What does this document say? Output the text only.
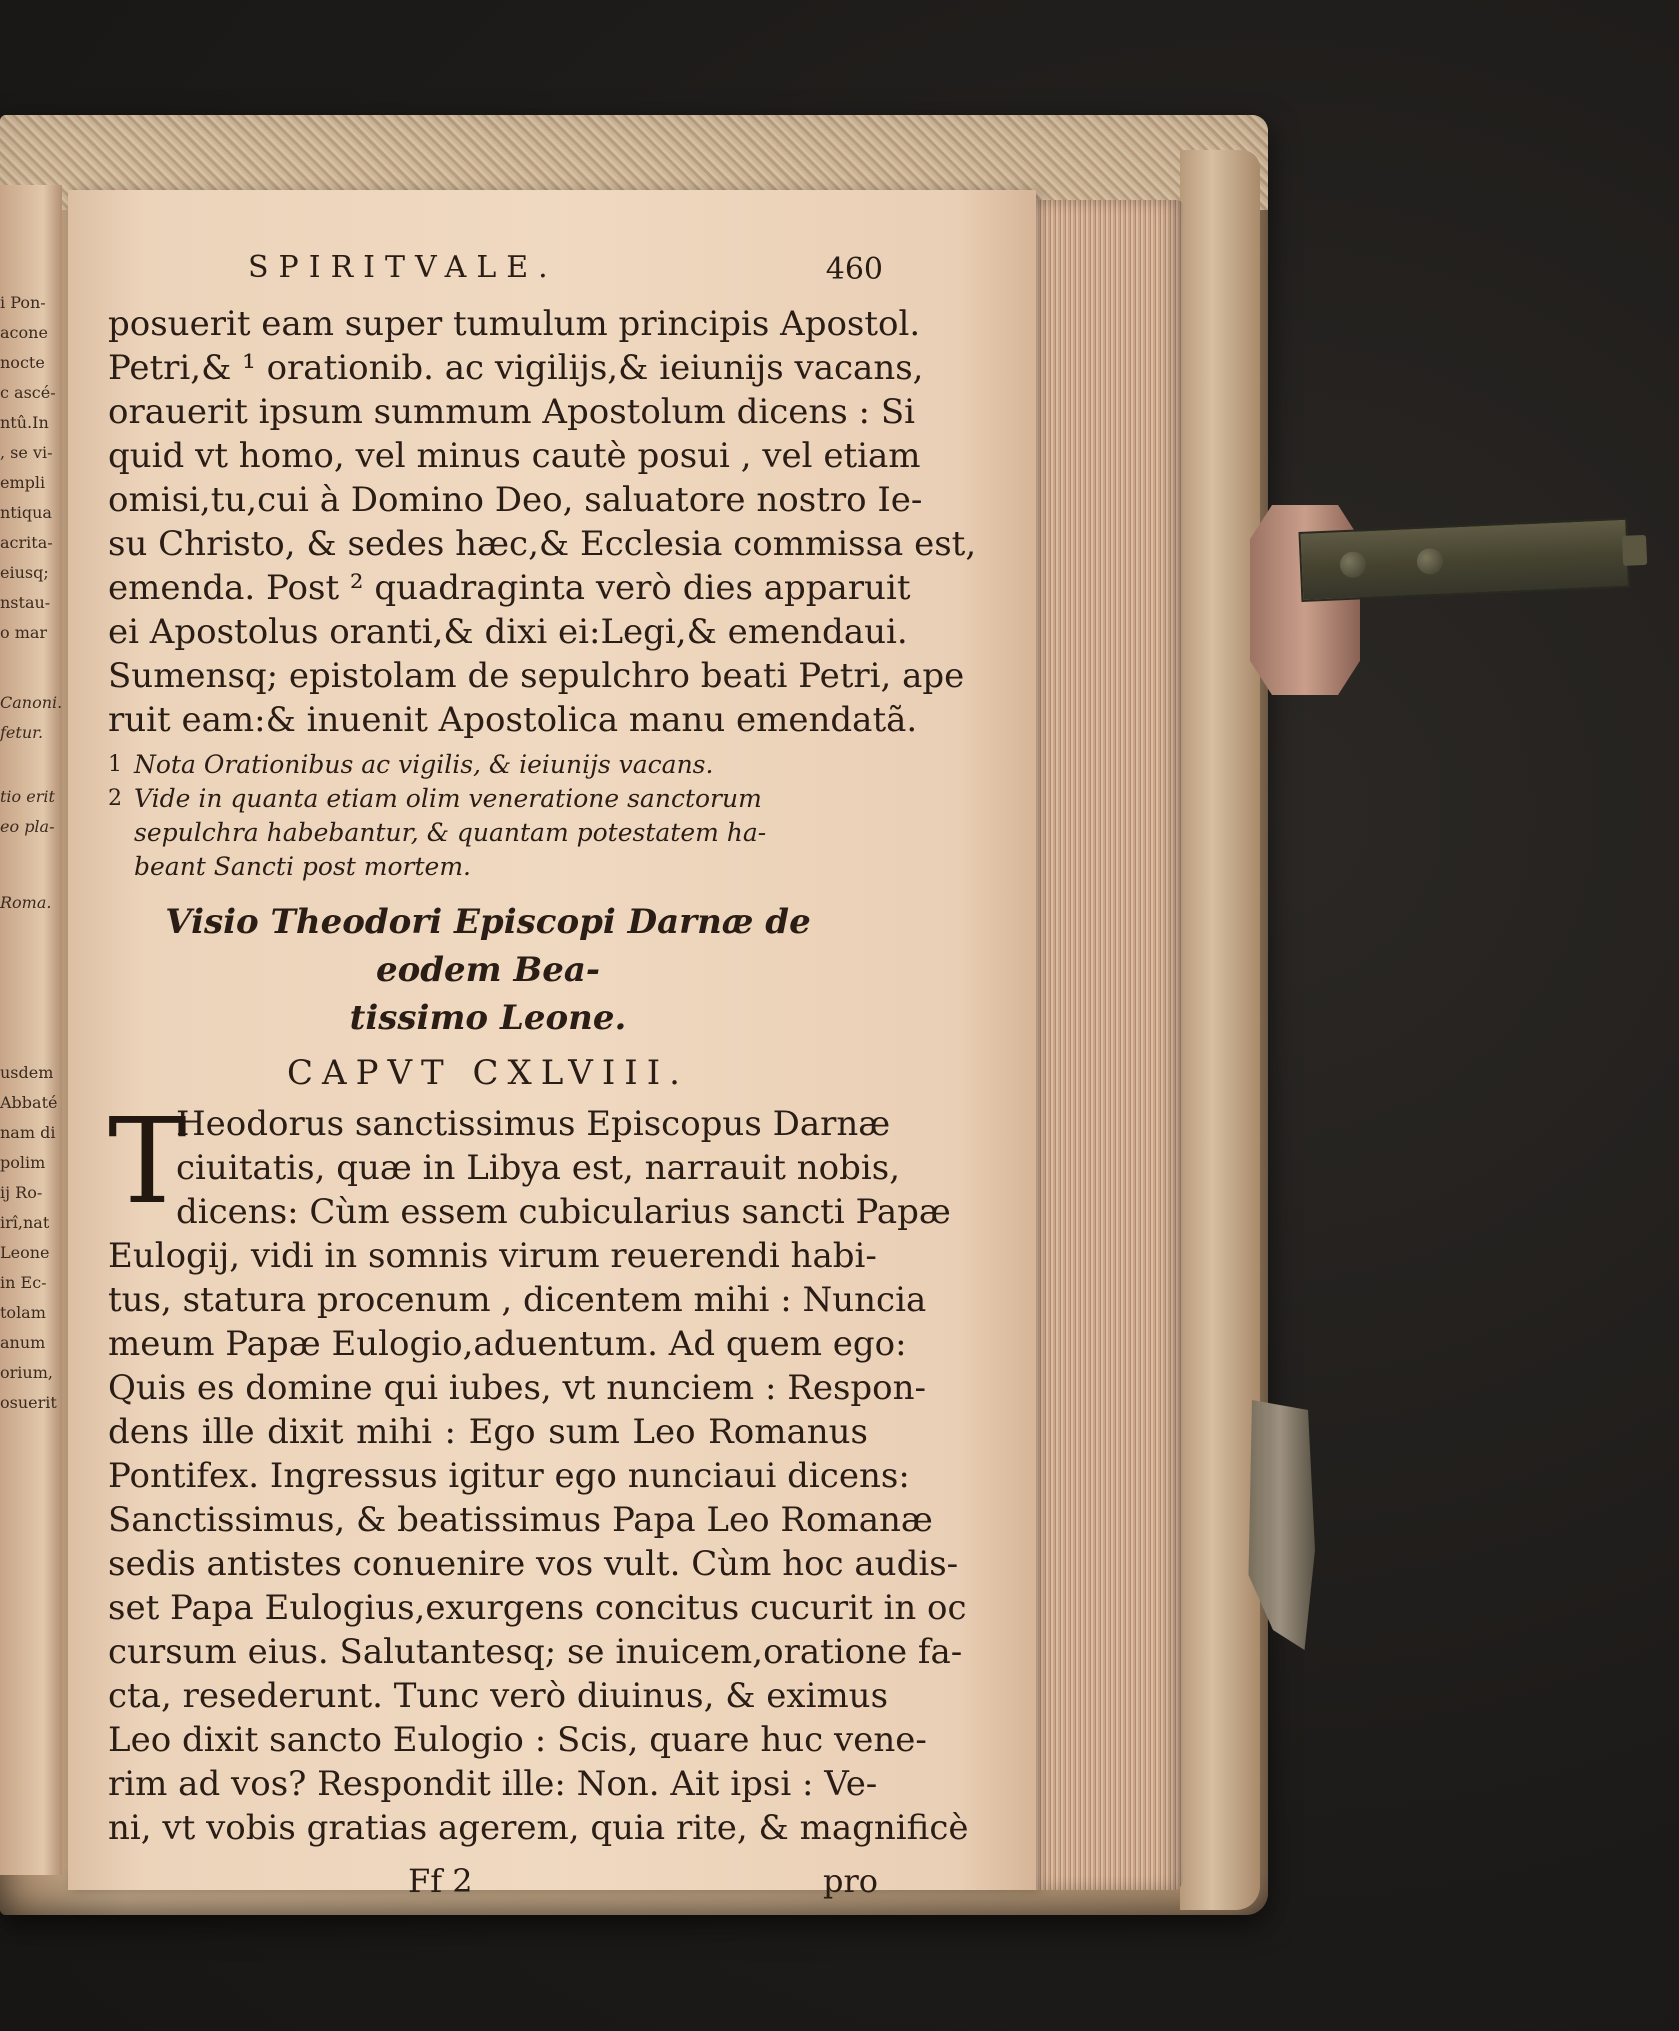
i Pon-
acone
nocte
c ascé-
ntû.In
, se vi-
empli
ntiqua
acrita-
eiusq;
nstau-
o mar
Canoni.
fetur.
tio erit
eo pla-
Roma.
usdem
Abbaté
nam di
polim
ij Ro-
irî,nat
Leone
in Ec-
tolam
anum
orium,
osuerit
SPIRITVALE.	460
posuerit eam super tumulum principis Apostol.
Petri,& ¹ orationib. ac vigilijs,& ieiunijs vacans,
orauerit ipsum summum Apostolum dicens : Si
quid vt homo, vel minus cautè posui , vel etiam
omisi,tu,cui à Domino Deo, saluatore nostro Ie-
su Christo, & sedes hæc,& Ecclesia commissa est,
emenda. Post ² quadraginta verò dies apparuit
ei Apostolus oranti,& dixi ei:Legi,& emendaui.
Sumensq; epistolam de sepulchro beati Petri, ape
ruit eam:& inuenit Apostolica manu emendatã.
1 Nota Orationibus ac vigilis, & ieiunijs vacans.
2 Vide in quanta etiam olim veneratione sanctorum
sepulchra habebantur, & quantam potestatem ha-
beant Sancti post mortem.
Visio Theodori Episcopi Darnæ de eodem Bea-
tissimo Leone.
CAPVT CXLVIII.
T
Heodorus sanctissimus Episcopus Darnæ
ciuitatis, quæ in Libya est, narrauit nobis,
dicens: Cùm essem cubicularius sancti Papæ
Eulogij, vidi in somnis virum reuerendi habi-
tus, statura procenum , dicentem mihi : Nuncia
meum Papæ Eulogio,aduentum. Ad quem ego:
Quis es domine qui iubes, vt nunciem : Respon-
dens ille dixit mihi : Ego sum Leo Romanus
Pontifex. Ingressus igitur ego nunciaui dicens:
Sanctissimus, & beatissimus Papa Leo Romanæ
sedis antistes conuenire vos vult. Cùm hoc audis-
set Papa Eulogius,exurgens concitus cucurit in oc
cursum eius. Salutantesq; se inuicem,oratione fa-
cta, resederunt. Tunc verò diuinus, & eximus
Leo dixit sancto Eulogio : Scis, quare huc vene-
rim ad vos? Respondit ille: Non. Ait ipsi : Ve-
ni, vt vobis gratias agerem, quia rite, & magnificè
Ff 2	pro
